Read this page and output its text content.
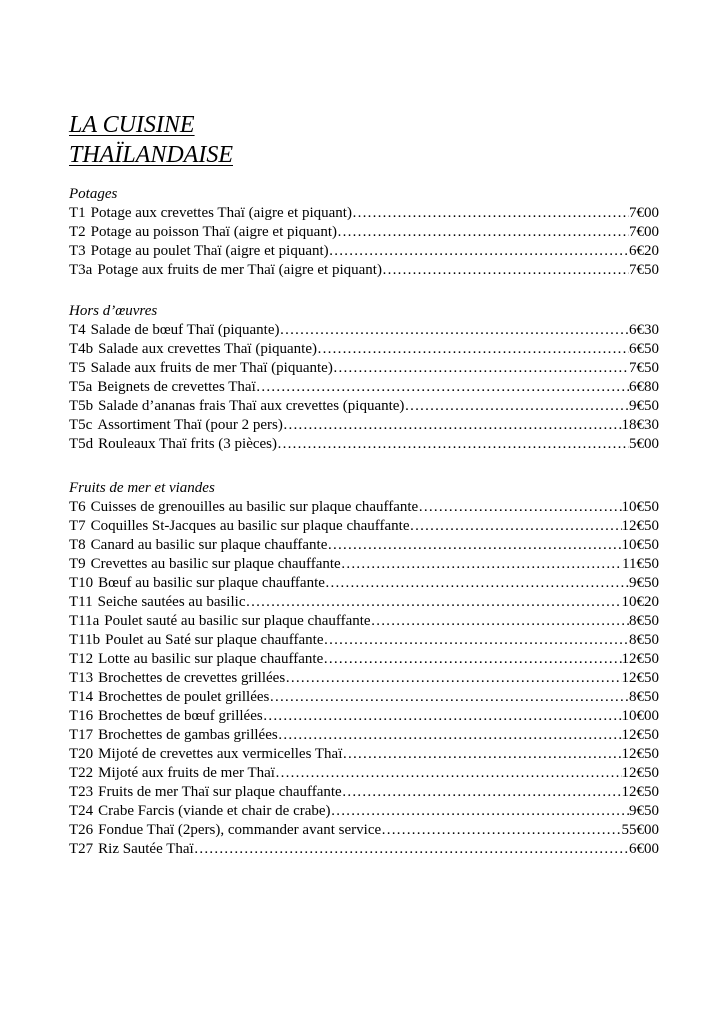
LA CUISINE
THAÏLANDAISE
Potages
T1 Potage aux crevettes Thaï (aigre et piquant) …………………………………………………………………………………………………………………………………………………………………………	7€00
T2 Potage au poisson Thaï (aigre et piquant) …………………………………………………………………………………………………………………………………………………………………………	7€00
T3 Potage au poulet Thaï (aigre et piquant) …………………………………………………………………………………………………………………………………………………………………………	6€20
T3a Potage aux fruits de mer Thaï (aigre et piquant) …………………………………………………………………………………………………………………………………………………………………………	7€50
Hors d’œuvres
T4 Salade de bœuf Thaï (piquante) …………………………………………………………………………………………………………………………………………………………………………	6€30
T4b Salade aux crevettes Thaï (piquante) …………………………………………………………………………………………………………………………………………………………………………	6€50
T5 Salade aux fruits de mer Thaï (piquante) …………………………………………………………………………………………………………………………………………………………………………	7€50
T5a Beignets de crevettes Thaï …………………………………………………………………………………………………………………………………………………………………………	6€80
T5b Salade d’ananas frais Thaï aux crevettes (piquante) …………………………………………………………………………………………………………………………………………………………………………	9€50
T5c Assortiment Thaï (pour 2 pers) …………………………………………………………………………………………………………………………………………………………………………	18€30
T5d Rouleaux Thaï frits (3 pièces) …………………………………………………………………………………………………………………………………………………………………………	5€00
Fruits de mer et viandes
T6 Cuisses de grenouilles au basilic sur plaque chauffante …………………………………………………………………………………………………………………………………………………………………………	10€50
T7 Coquilles St-Jacques au basilic sur plaque chauffante …………………………………………………………………………………………………………………………………………………………………………	12€50
T8 Canard au basilic sur plaque chauffante …………………………………………………………………………………………………………………………………………………………………………	10€50
T9 Crevettes au basilic sur plaque chauffante …………………………………………………………………………………………………………………………………………………………………………	11€50
T10 Bœuf au basilic sur plaque chauffante …………………………………………………………………………………………………………………………………………………………………………	9€50
T11 Seiche sautées au basilic …………………………………………………………………………………………………………………………………………………………………………	10€20
T11a Poulet sauté au basilic sur plaque chauffante …………………………………………………………………………………………………………………………………………………………………………	8€50
T11b Poulet au Saté sur plaque chauffante …………………………………………………………………………………………………………………………………………………………………………	8€50
T12 Lotte au basilic sur plaque chauffante …………………………………………………………………………………………………………………………………………………………………………	12€50
T13 Brochettes de crevettes grillées …………………………………………………………………………………………………………………………………………………………………………	12€50
T14 Brochettes de poulet grillées …………………………………………………………………………………………………………………………………………………………………………	8€50
T16 Brochettes de bœuf grillées …………………………………………………………………………………………………………………………………………………………………………	10€00
T17 Brochettes de gambas grillées …………………………………………………………………………………………………………………………………………………………………………	12€50
T20 Mijoté de crevettes aux vermicelles Thaï …………………………………………………………………………………………………………………………………………………………………………	12€50
T22 Mijoté aux fruits de mer Thaï …………………………………………………………………………………………………………………………………………………………………………	12€50
T23 Fruits de mer Thaï sur plaque chauffante …………………………………………………………………………………………………………………………………………………………………………	12€50
T24 Crabe Farcis (viande et chair de crabe) …………………………………………………………………………………………………………………………………………………………………………	9€50
T26 Fondue Thaï (2pers), commander avant service …………………………………………………………………………………………………………………………………………………………………………	55€00
T27 Riz Sautée Thaï …………………………………………………………………………………………………………………………………………………………………………	6€00
